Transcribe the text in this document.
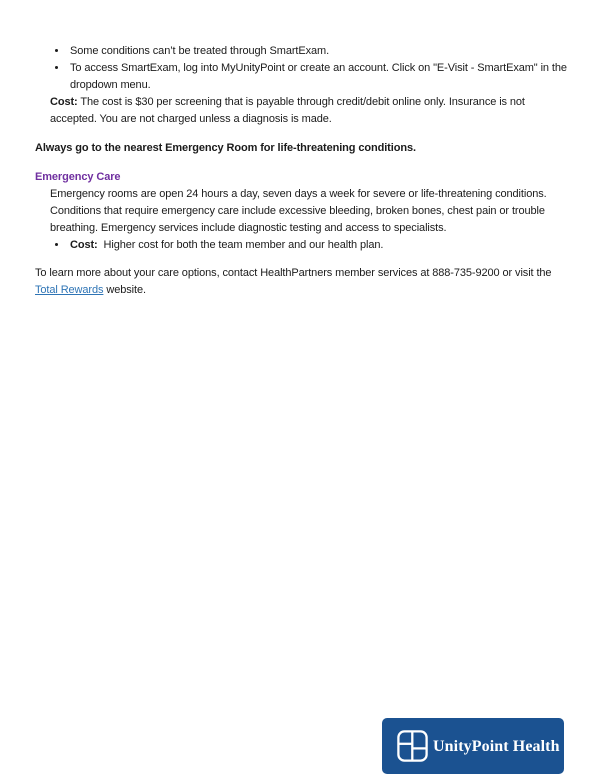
• Some conditions can’t be treated through SmartExam.
• To access SmartExam, log into MyUnityPoint or create an account. Click on "E-Visit - SmartExam" in the dropdown menu.

Cost: The cost is $30 per screening that is payable through credit/debit online only. Insurance is not accepted. You are not charged unless a diagnosis is made.

Always go to the nearest Emergency Room for life-threatening conditions.

Emergency Care

Emergency rooms are open 24 hours a day, seven days a week for severe or life-threatening conditions. Conditions that require emergency care include excessive bleeding, broken bones, chest pain or trouble breathing. Emergency services include diagnostic testing and access to specialists.

• Cost:  Higher cost for both the team member and our health plan.

To learn more about your care options, contact HealthPartners member services at 888-735-9200 or visit the Total Rewards website.

UnityPoint Health
